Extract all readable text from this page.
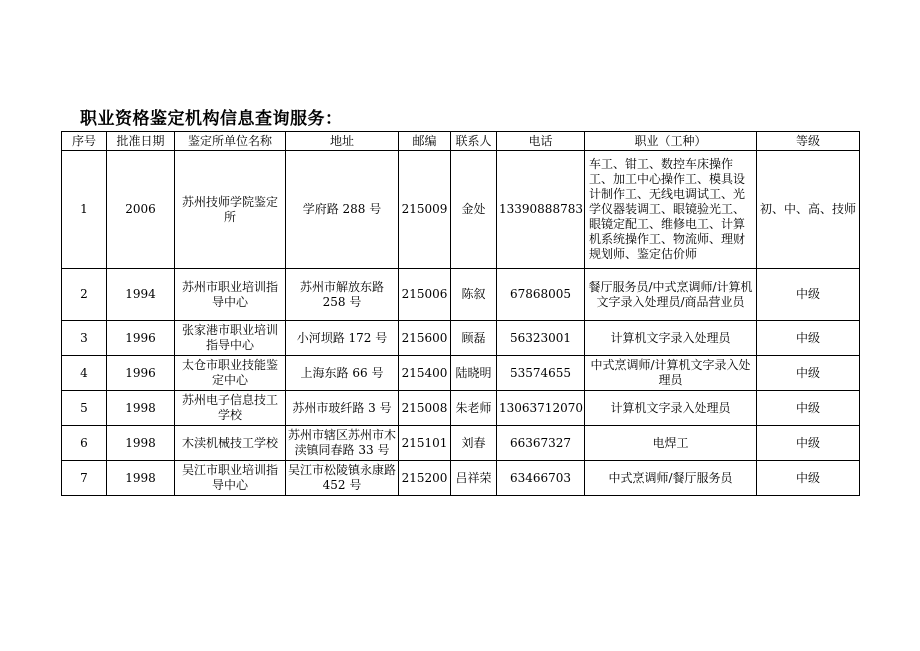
职业资格鉴定机构信息查询服务：
序号	批准日期	鉴定所单位名称	地址	邮编	联系人	电话	职业（工种）	等级
1	2006	苏州技师学院鉴定所	学府路 288 号	215009	金处	13390888783	车工、钳工、数控车床操作工、加工中心操作工、模具设计制作工、无线电调试工、光学仪器装调工、眼镜验光工、眼镜定配工、维修电工、计算机系统操作工、物流师、理财规划师、鉴定估价师	初、中、高、技师
2	1994	苏州市职业培训指导中心	苏州市解放东路 258 号	215006	陈叙	67868005	餐厅服务员/中式烹调师/计算机文字录入处理员/商品营业员	中级
3	1996	张家港市职业培训指导中心	小河坝路 172 号	215600	顾磊	56323001	计算机文字录入处理员	中级
4	1996	太仓市职业技能鉴定中心	上海东路 66 号	215400	陆晓明	53574655	中式烹调师/计算机文字录入处理员	中级
5	1998	苏州电子信息技工学校	苏州市玻纤路 3 号	215008	朱老师	13063712070	计算机文字录入处理员	中级
6	1998	木渎机械技工学校	苏州市辖区苏州市木渎镇同春路 33 号	215101	刘春	66367327	电焊工	中级
7	1998	吴江市职业培训指导中心	吴江市松陵镇永康路 452 号	215200	吕祥荣	63466703	中式烹调师/餐厅服务员	中级
